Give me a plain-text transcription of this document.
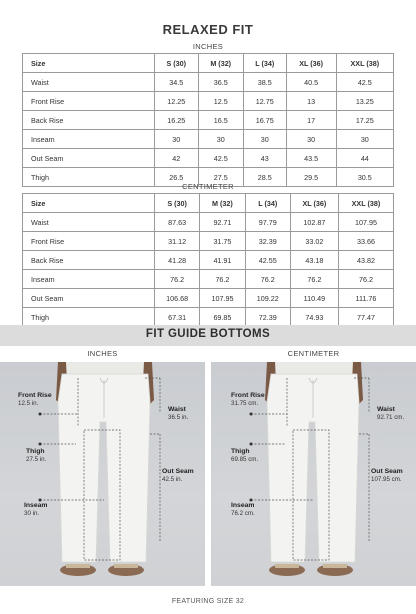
RELAXED FIT
INCHES
Size	S (30)	M (32)	L (34)	XL (36)	XXL (38)
Waist	34.5	36.5	38.5	40.5	42.5
Front Rise	12.25	12.5	12.75	13	13.25
Back Rise	16.25	16.5	16.75	17	17.25
Inseam	30	30	30	30	30
Out Seam	42	42.5	43	43.5	44
Thigh	26.5	27.5	28.5	29.5	30.5
CENTIMETER
Size	S (30)	M (32)	L (34)	XL (36)	XXL (38)
Waist	87.63	92.71	97.79	102.87	107.95
Front Rise	31.12	31.75	32.39	33.02	33.66
Back Rise	41.28	41.91	42.55	43.18	43.82
Inseam	76.2	76.2	76.2	76.2	76.2
Out Seam	106.68	107.95	109.22	110.49	111.76
Thigh	67.31	69.85	72.39	74.93	77.47
FIT GUIDE BOTTOMS
INCHES	CENTIMETER
Front Rise
12.5 in.
Waist
36.5 in.
Thigh
27.5 in.
Out Seam
42.5 in.
Inseam
30 in.
Front Rise
31.75 cm.
Waist
92.71 cm.
Thigh
69.85 cm.
Out Seam
107.95 cm.
Inseam
76.2 cm.
FEATURING SIZE 32
